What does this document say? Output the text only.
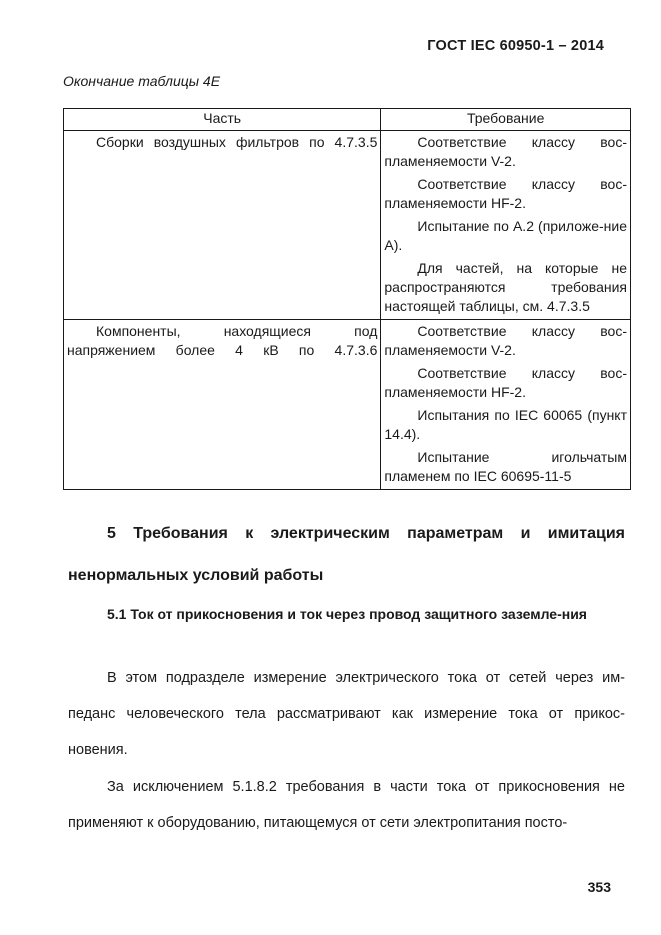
ГОСТ IEC 60950-1 – 2014
Окончание таблицы 4Е
Часть	Требование

Сборки воздушных фильтров по 4.7.3.5	Соответствие классу вос-пламеняемости V-2.

Соответствие классу вос-пламеняемости HF-2.

Испытание по А.2 (приложе-ние А).

Для частей, на которые не распространяются требования настоящей таблицы, см. 4.7.3.5

Компоненты, находящиеся под напряжением более 4 кВ по 4.7.3.6	Соответствие классу вос-пламеняемости V-2.

Соответствие классу вос-пламеняемости HF-2.

Испытания по IEC 60065 (пункт 14.4).

Испытание игольчатым пламенем по IEC 60695-11-5

5 Требования к электрическим параметрам и имитация ненормальных условий работы

5.1 Ток от прикосновения и ток через провод защитного заземле-ния

В этом подразделе измерение электрического тока от сетей через им-педанс человеческого тела рассматривают как измерение тока от прикос-новения.

За исключением 5.1.8.2 требования в части тока от прикосновения не применяют к оборудованию, питающемуся от сети электропитания посто-

353
